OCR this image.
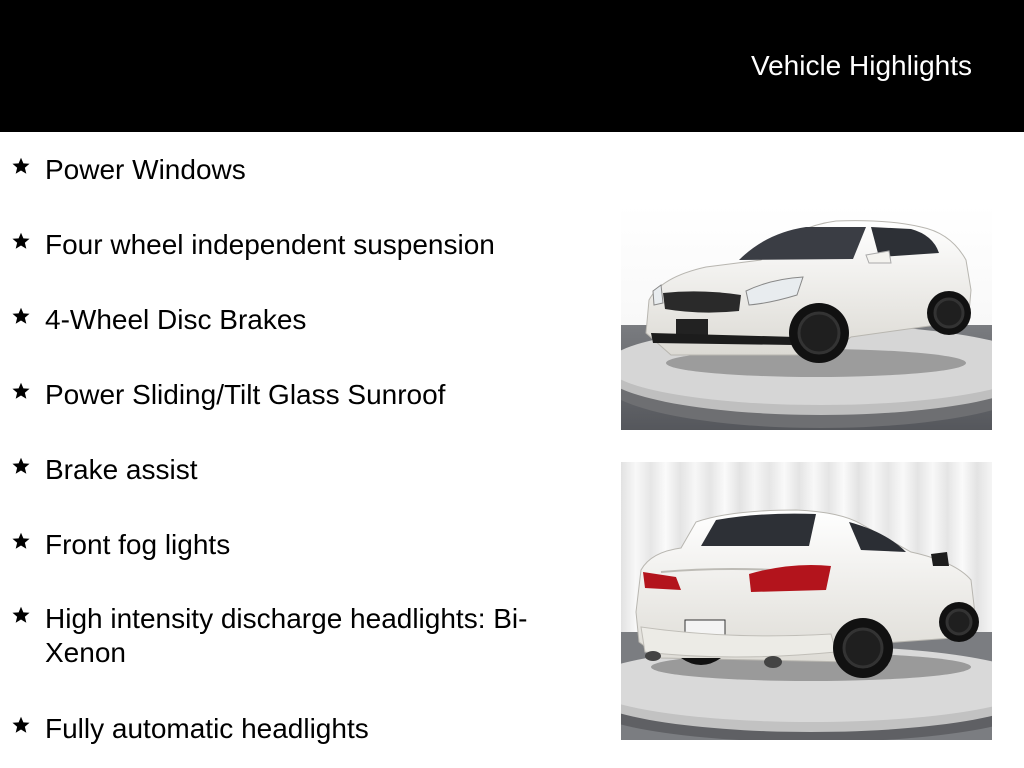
Vehicle Highlights
Power Windows
Four wheel independent suspension
4-Wheel Disc Brakes
Power Sliding/Tilt Glass Sunroof
Brake assist
Front fog lights
High intensity discharge headlights: Bi-Xenon
Fully automatic headlights
